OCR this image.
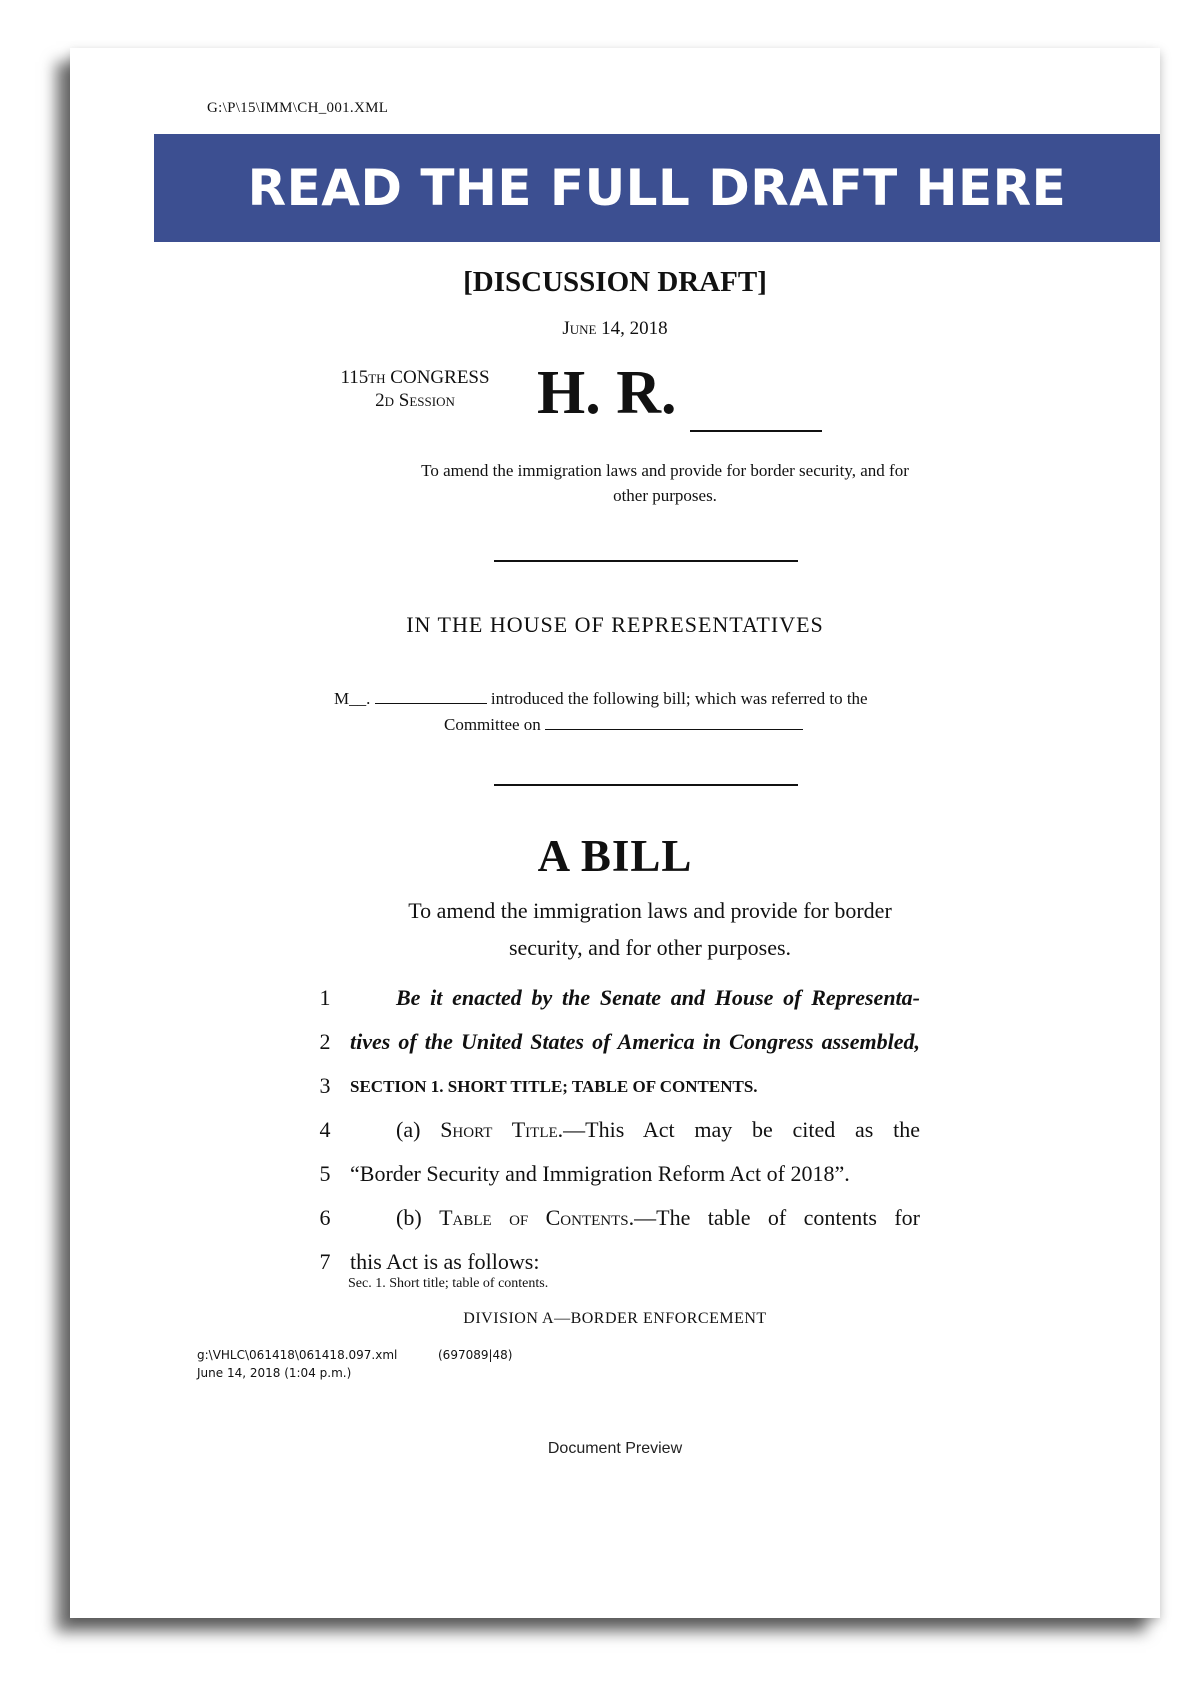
G:\P\15\IMM\CH_001.XML
READ THE FULL DRAFT HERE
[DISCUSSION DRAFT]
June 14, 2018
115th CONGRESS
2d Session	H. R.
To amend the immigration laws and provide for border security, and for
other purposes.
IN THE HOUSE OF REPRESENTATIVES
M__.	introduced the following bill; which was referred to the
Committee on
A BILL
To amend the immigration laws and provide for border
security, and for other purposes.
1	Be it enacted by the Senate and House of Representa-
2 tives of the United States of America in Congress assembled,
3	SECTION 1. SHORT TITLE; TABLE OF CONTENTS.
4	(a) Short Title.—This Act may be cited as the
5 “Border Security and Immigration Reform Act of 2018”.
6	(b) Table of Contents.—The table of contents for
7 this Act is as follows:
Sec. 1. Short title; table of contents.
DIVISION A—BORDER ENFORCEMENT
g:\VHLC\061418\061418.097.xml	(697089|48)
June 14, 2018 (1:04 p.m.)
Document Preview
